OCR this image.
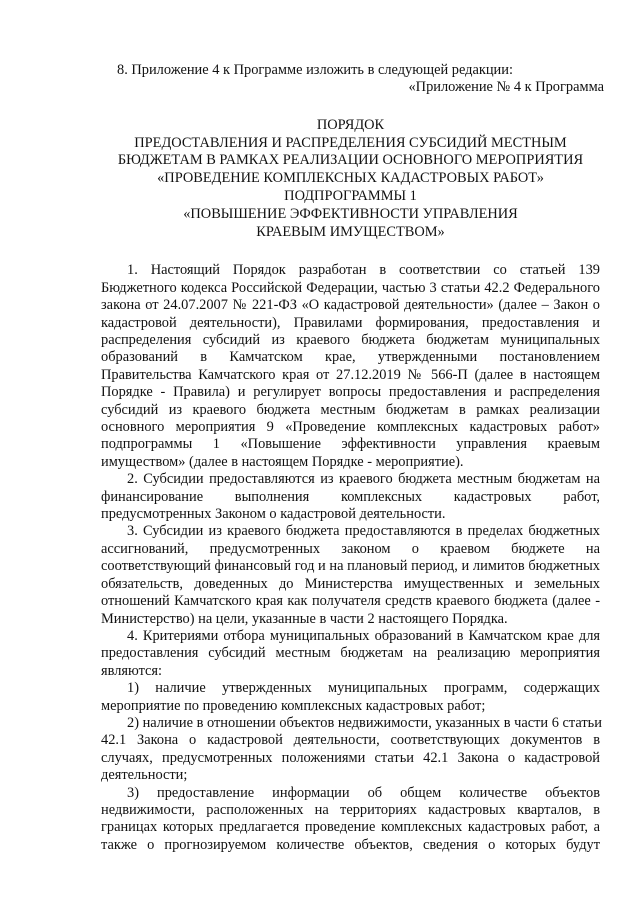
8. Приложение 4 к Программе изложить в следующей редакции:
«Приложение № 4 к Программа
ПОРЯДОК
ПРЕДОСТАВЛЕНИЯ И РАСПРЕДЕЛЕНИЯ СУБСИДИЙ МЕСТНЫМ
БЮДЖЕТАМ В РАМКАХ РЕАЛИЗАЦИИ ОСНОВНОГО МЕРОПРИЯТИЯ
«ПРОВЕДЕНИЕ КОМПЛЕКСНЫХ КАДАСТРОВЫХ РАБОТ»
ПОДПРОГРАММЫ 1
«ПОВЫШЕНИЕ ЭФФЕКТИВНОСТИ УПРАВЛЕНИЯ
КРАЕВЫМ ИМУЩЕСТВОМ»
1. Настоящий Порядок разработан в соответствии со статьей 139
Бюджетного кодекса Российской Федерации, частью 3 статьи 42.2 Федерального
закона от 24.07.2007 № 221-ФЗ «О кадастровой деятельности» (далее – Закон о
кадастровой деятельности), Правилами формирования, предоставления и
распределения субсидий из краевого бюджета бюджетам муниципальных
образований в Камчатском крае, утвержденными постановлением
Правительства Камчатского края от 27.12.2019 № 566-П (далее в настоящем
Порядке - Правила) и регулирует вопросы предоставления и распределения
субсидий из краевого бюджета местным бюджетам в рамках реализации
основного мероприятия 9 «Проведение комплексных кадастровых работ»
подпрограммы 1 «Повышение эффективности управления краевым
имуществом» (далее в настоящем Порядке - мероприятие).
2. Субсидии предоставляются из краевого бюджета местным бюджетам на
финансирование выполнения комплексных кадастровых работ,
предусмотренных Законом о кадастровой деятельности.
3. Субсидии из краевого бюджета предоставляются в пределах бюджетных
ассигнований, предусмотренных законом о краевом бюджете на
соответствующий финансовый год и на плановый период, и лимитов бюджетных
обязательств, доведенных до Министерства имущественных и земельных
отношений Камчатского края как получателя средств краевого бюджета (далее -
Министерство) на цели, указанные в части 2 настоящего Порядка.
4. Критериями отбора муниципальных образований в Камчатском крае для
предоставления субсидий местным бюджетам на реализацию мероприятия
являются:
1) наличие утвержденных муниципальных программ, содержащих
мероприятие по проведению комплексных кадастровых работ;
2) наличие в отношении объектов недвижимости, указанных в части 6 статьи
42.1 Закона о кадастровой деятельности, соответствующих документов в
случаях, предусмотренных положениями статьи 42.1 Закона о кадастровой
деятельности;
3) предоставление информации об общем количестве объектов
недвижимости, расположенных на территориях кадастровых кварталов, в
границах которых предлагается проведение комплексных кадастровых работ, а
также о прогнозируемом количестве объектов, сведения о которых будут
